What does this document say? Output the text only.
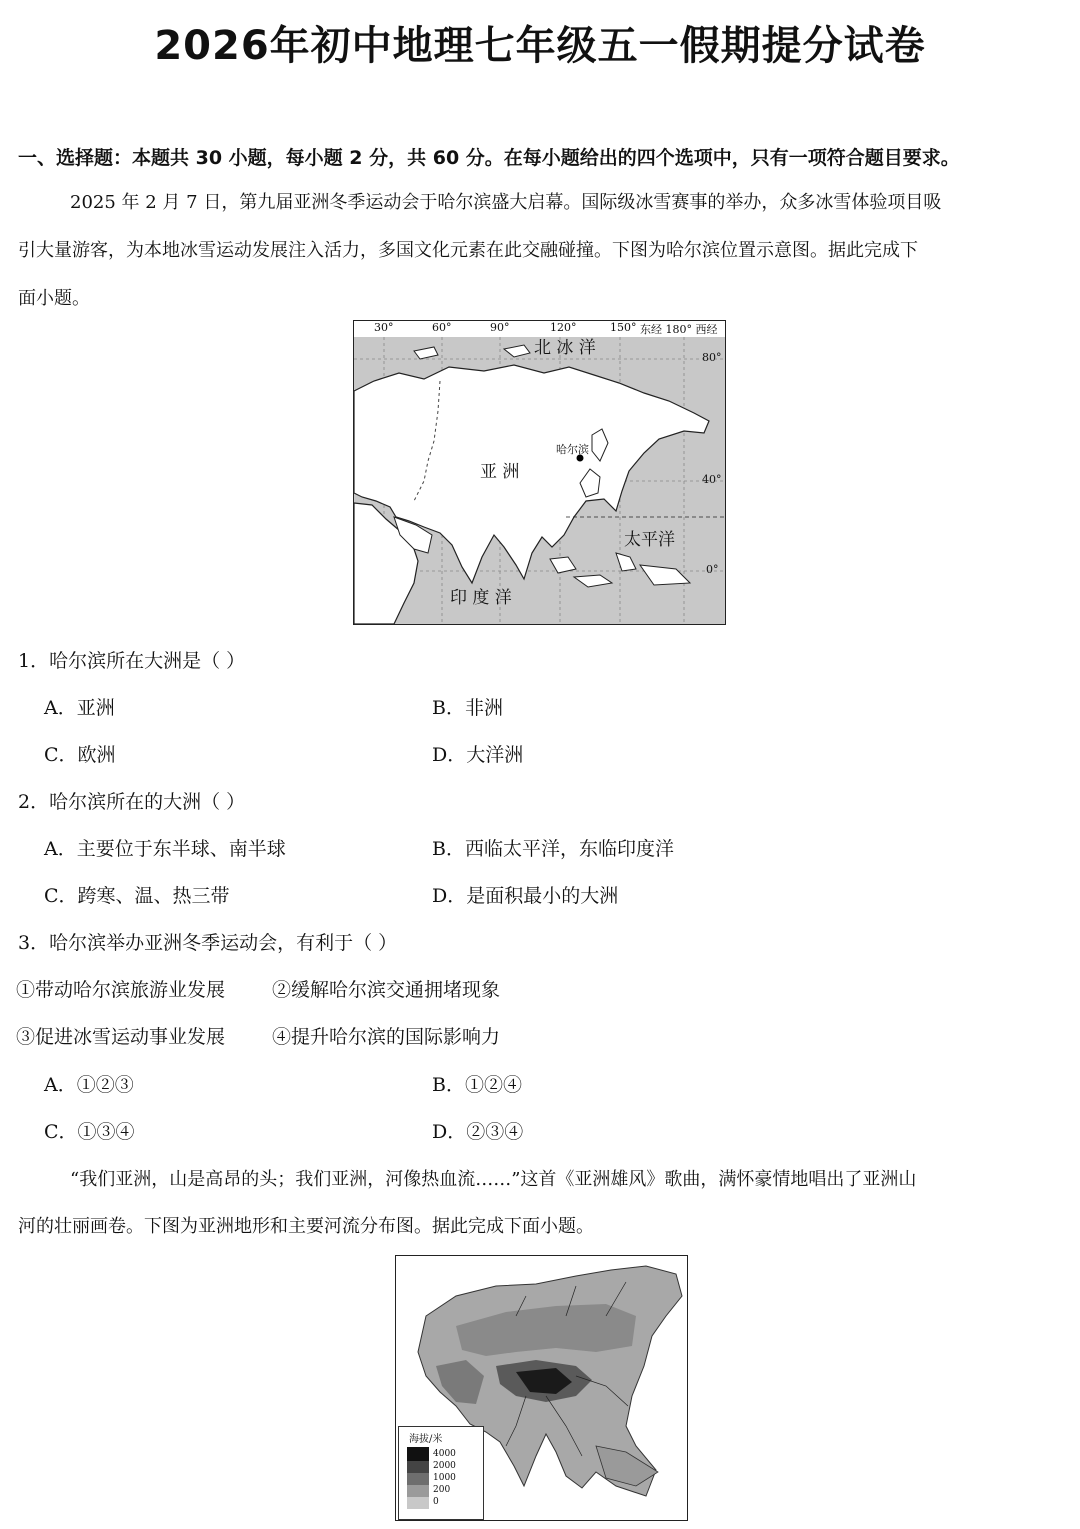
2026年初中地理七年级五一假期提分试卷
一、选择题：本题共 30 小题，每小题 2 分，共 60 分。在每小题给出的四个选项中，只有一项符合题目要求。
2025 年 2 月 7 日，第九届亚洲冬季运动会于哈尔滨盛大启幕。国际级冰雪赛事的举办，众多冰雪体验项目吸
引大量游客，为本地冰雪运动发展注入活力，多国文化元素在此交融碰撞。下图为哈尔滨位置示意图。据此完成下
面小题。
30°	60°	90°	120°	150° 东经 180° 西经
80°
40°
0°
北 冰 洋
亚 洲
哈尔滨
太平洋
印 度 洋
1．哈尔滨所在大洲是（ ）
A．亚洲	B．非洲
C．欧洲	D．大洋洲
2．哈尔滨所在的大洲（ ）
A．主要位于东半球、南半球	B．西临太平洋，东临印度洋
C．跨寒、温、热三带	D．是面积最小的大洲
3．哈尔滨举办亚洲冬季运动会，有利于（ ）
①带动哈尔滨旅游业发展 ②缓解哈尔滨交通拥堵现象
③促进冰雪运动事业发展 ④提升哈尔滨的国际影响力
A．①②③	B．①②④
C．①③④	D．②③④
“我们亚洲，山是高昂的头；我们亚洲，河像热血流……”这首《亚洲雄风》歌曲，满怀豪情地唱出了亚洲山
河的壮丽画卷。下图为亚洲地形和主要河流分布图。据此完成下面小题。
海拔/米
4000
2000
1000
200
0
